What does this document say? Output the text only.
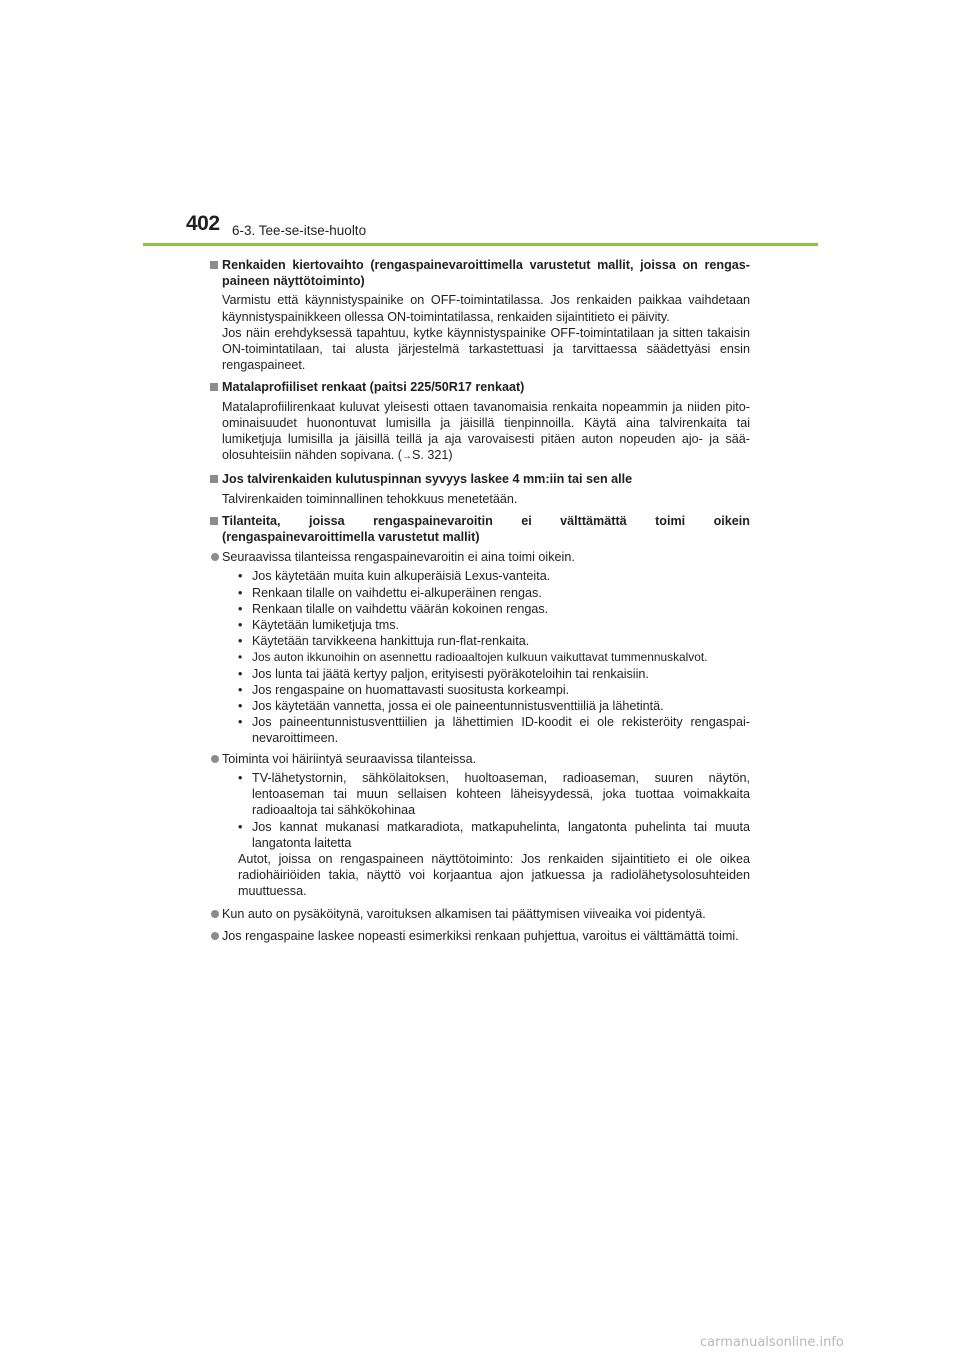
402 6-3. Tee-se-itse-huolto
Renkaiden kiertovaihto (rengaspainevaroittimella varustetut mallit, joissa on rengas-paineen näyttötoiminto)
Varmistu että käynnistyspainike on OFF-toimintatilassa. Jos renkaiden paikkaa vaihdetaan käynnistyspainikkeen ollessa ON-toimintatilassa, renkaiden sijaintitieto ei päivity.
Jos näin erehdyksessä tapahtuu, kytke käynnistyspainike OFF-toimintatilaan ja sitten takaisin ON-toimintatilaan, tai alusta järjestelmä tarkastettuasi ja tarvittaessa säädettyäsi ensin rengaspaineet.
Matalaprofiiliset renkaat (paitsi 225/50R17 renkaat)
Matalaprofiilirenkaat kuluvat yleisesti ottaen tavanomaisia renkaita nopeammin ja niiden pito-ominaisuudet huonontuvat lumisilla ja jäisillä tienpinnoilla. Käytä aina talvirenkaita tai lumiketjuja lumisilla ja jäisillä teillä ja aja varovaisesti pitäen auton nopeuden ajo- ja sää-olosuhteisiin nähden sopivana. (→S. 321)
Jos talvirenkaiden kulutuspinnan syvyys laskee 4 mm:iin tai sen alle
Talvirenkaiden toiminnallinen tehokkuus menetetään.
Tilanteita, joissa rengaspainevaroitin ei välttämättä toimi oikein (rengaspainevaroittimella varustetut mallit)
Seuraavissa tilanteissa rengaspainevaroitin ei aina toimi oikein.
• Jos käytetään muita kuin alkuperäisiä Lexus-vanteita.
• Renkaan tilalle on vaihdettu ei-alkuperäinen rengas.
• Renkaan tilalle on vaihdettu väärän kokoinen rengas.
• Käytetään lumiketjuja tms.
• Käytetään tarvikkeena hankittuja run-flat-renkaita.
• Jos auton ikkunoihin on asennettu radioaaltojen kulkuun vaikuttavat tummennuskalvot.
• Jos lunta tai jäätä kertyy paljon, erityisesti pyöräkoteloihin tai renkaisiin.
• Jos rengaspaine on huomattavasti suositusta korkeampi.
• Jos käytetään vannetta, jossa ei ole paineentunnistusventtiiliä ja lähetintä.
• Jos paineentunnistusventtiilien ja lähettimien ID-koodit ei ole rekisteröity rengaspai-nevaroittimeen.
Toiminta voi häiriintyä seuraavissa tilanteissa.
• TV-lähetystornin, sähkölaitoksen, huoltoaseman, radioaseman, suuren näytön, lentoaseman tai muun sellaisen kohteen läheisyydessä, joka tuottaa voimakkaita radioaaltoja tai sähkökohinaa
• Jos kannat mukanasi matkaradiota, matkapuhelinta, langatonta puhelinta tai muuta langatonta laitetta
Autot, joissa on rengaspaineen näyttötoiminto: Jos renkaiden sijaintitieto ei ole oikea radiohäiriöiden takia, näyttö voi korjaantua ajon jatkuessa ja radiolähetysolosuhteiden muuttuessa.
Kun auto on pysäköitynä, varoituksen alkamisen tai päättymisen viiveaika voi pidentyä.
Jos rengaspaine laskee nopeasti esimerkiksi renkaan puhjettua, varoitus ei välttämättä toimi.
carmanualsonline.info
